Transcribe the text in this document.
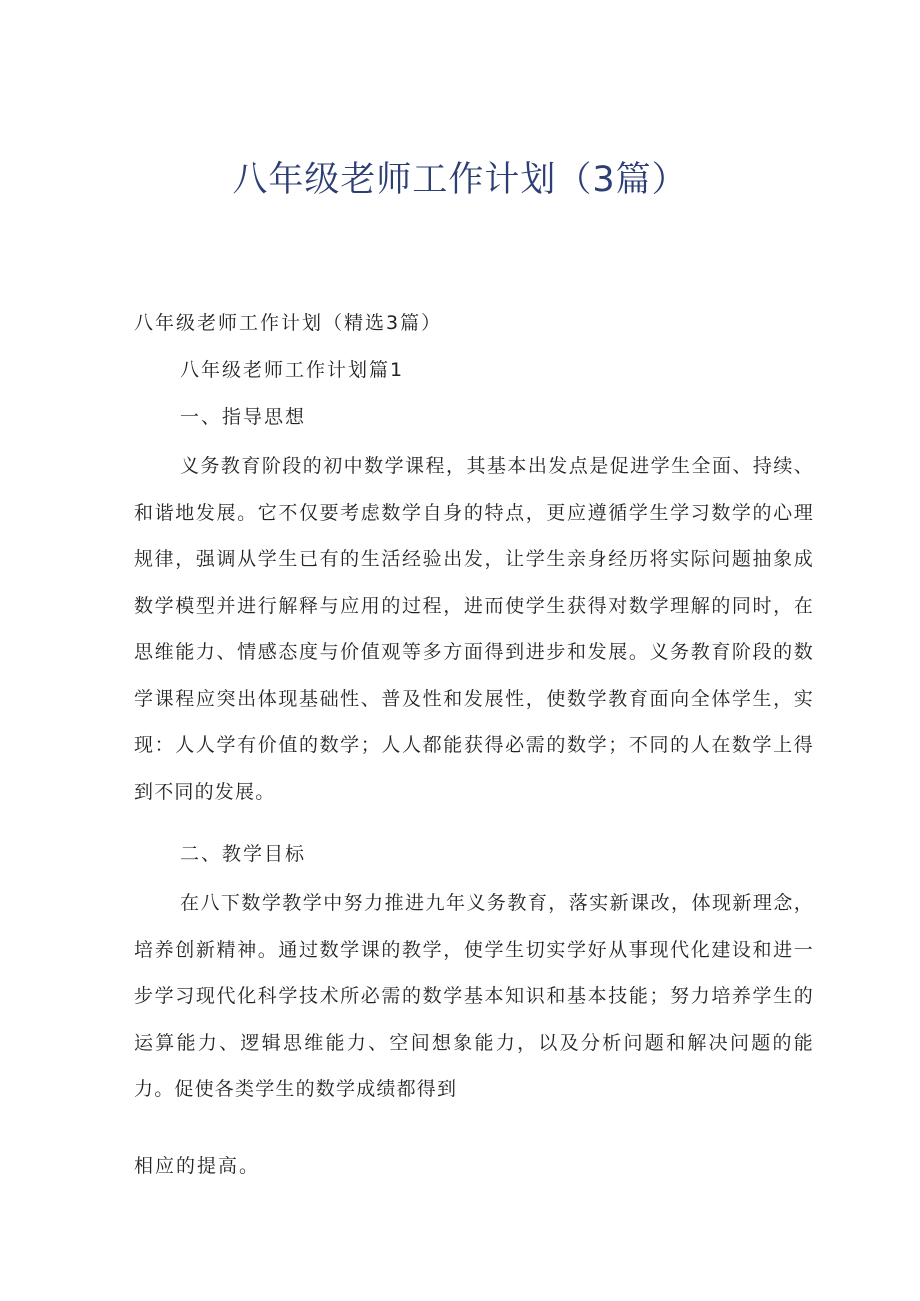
八年级老师工作计划（3篇）

八年级老师工作计划（精选3篇）

八年级老师工作计划篇1

一、指导思想

义务教育阶段的初中数学课程，其基本出发点是促进学生全面、持续、和谐地发展。它不仅要考虑数学自身的特点，更应遵循学生学习数学的心理规律，强调从学生已有的生活经验出发，让学生亲身经历将实际问题抽象成数学模型并进行解释与应用的过程，进而使学生获得对数学理解的同时，在思维能力、情感态度与价值观等多方面得到进步和发展。义务教育阶段的数学课程应突出体现基础性、普及性和发展性，使数学教育面向全体学生，实现：人人学有价值的数学；人人都能获得必需的数学；不同的人在数学上得到不同的发展。

二、教学目标

在八下数学教学中努力推进九年义务教育，落实新课改，体现新理念，培养创新精神。通过数学课的教学，使学生切实学好从事现代化建设和进一步学习现代化科学技术所必需的数学基本知识和基本技能；努力培养学生的运算能力、逻辑思维能力、空间想象能力，以及分析问题和解决问题的能力。促使各类学生的数学成绩都得到

相应的提高。
